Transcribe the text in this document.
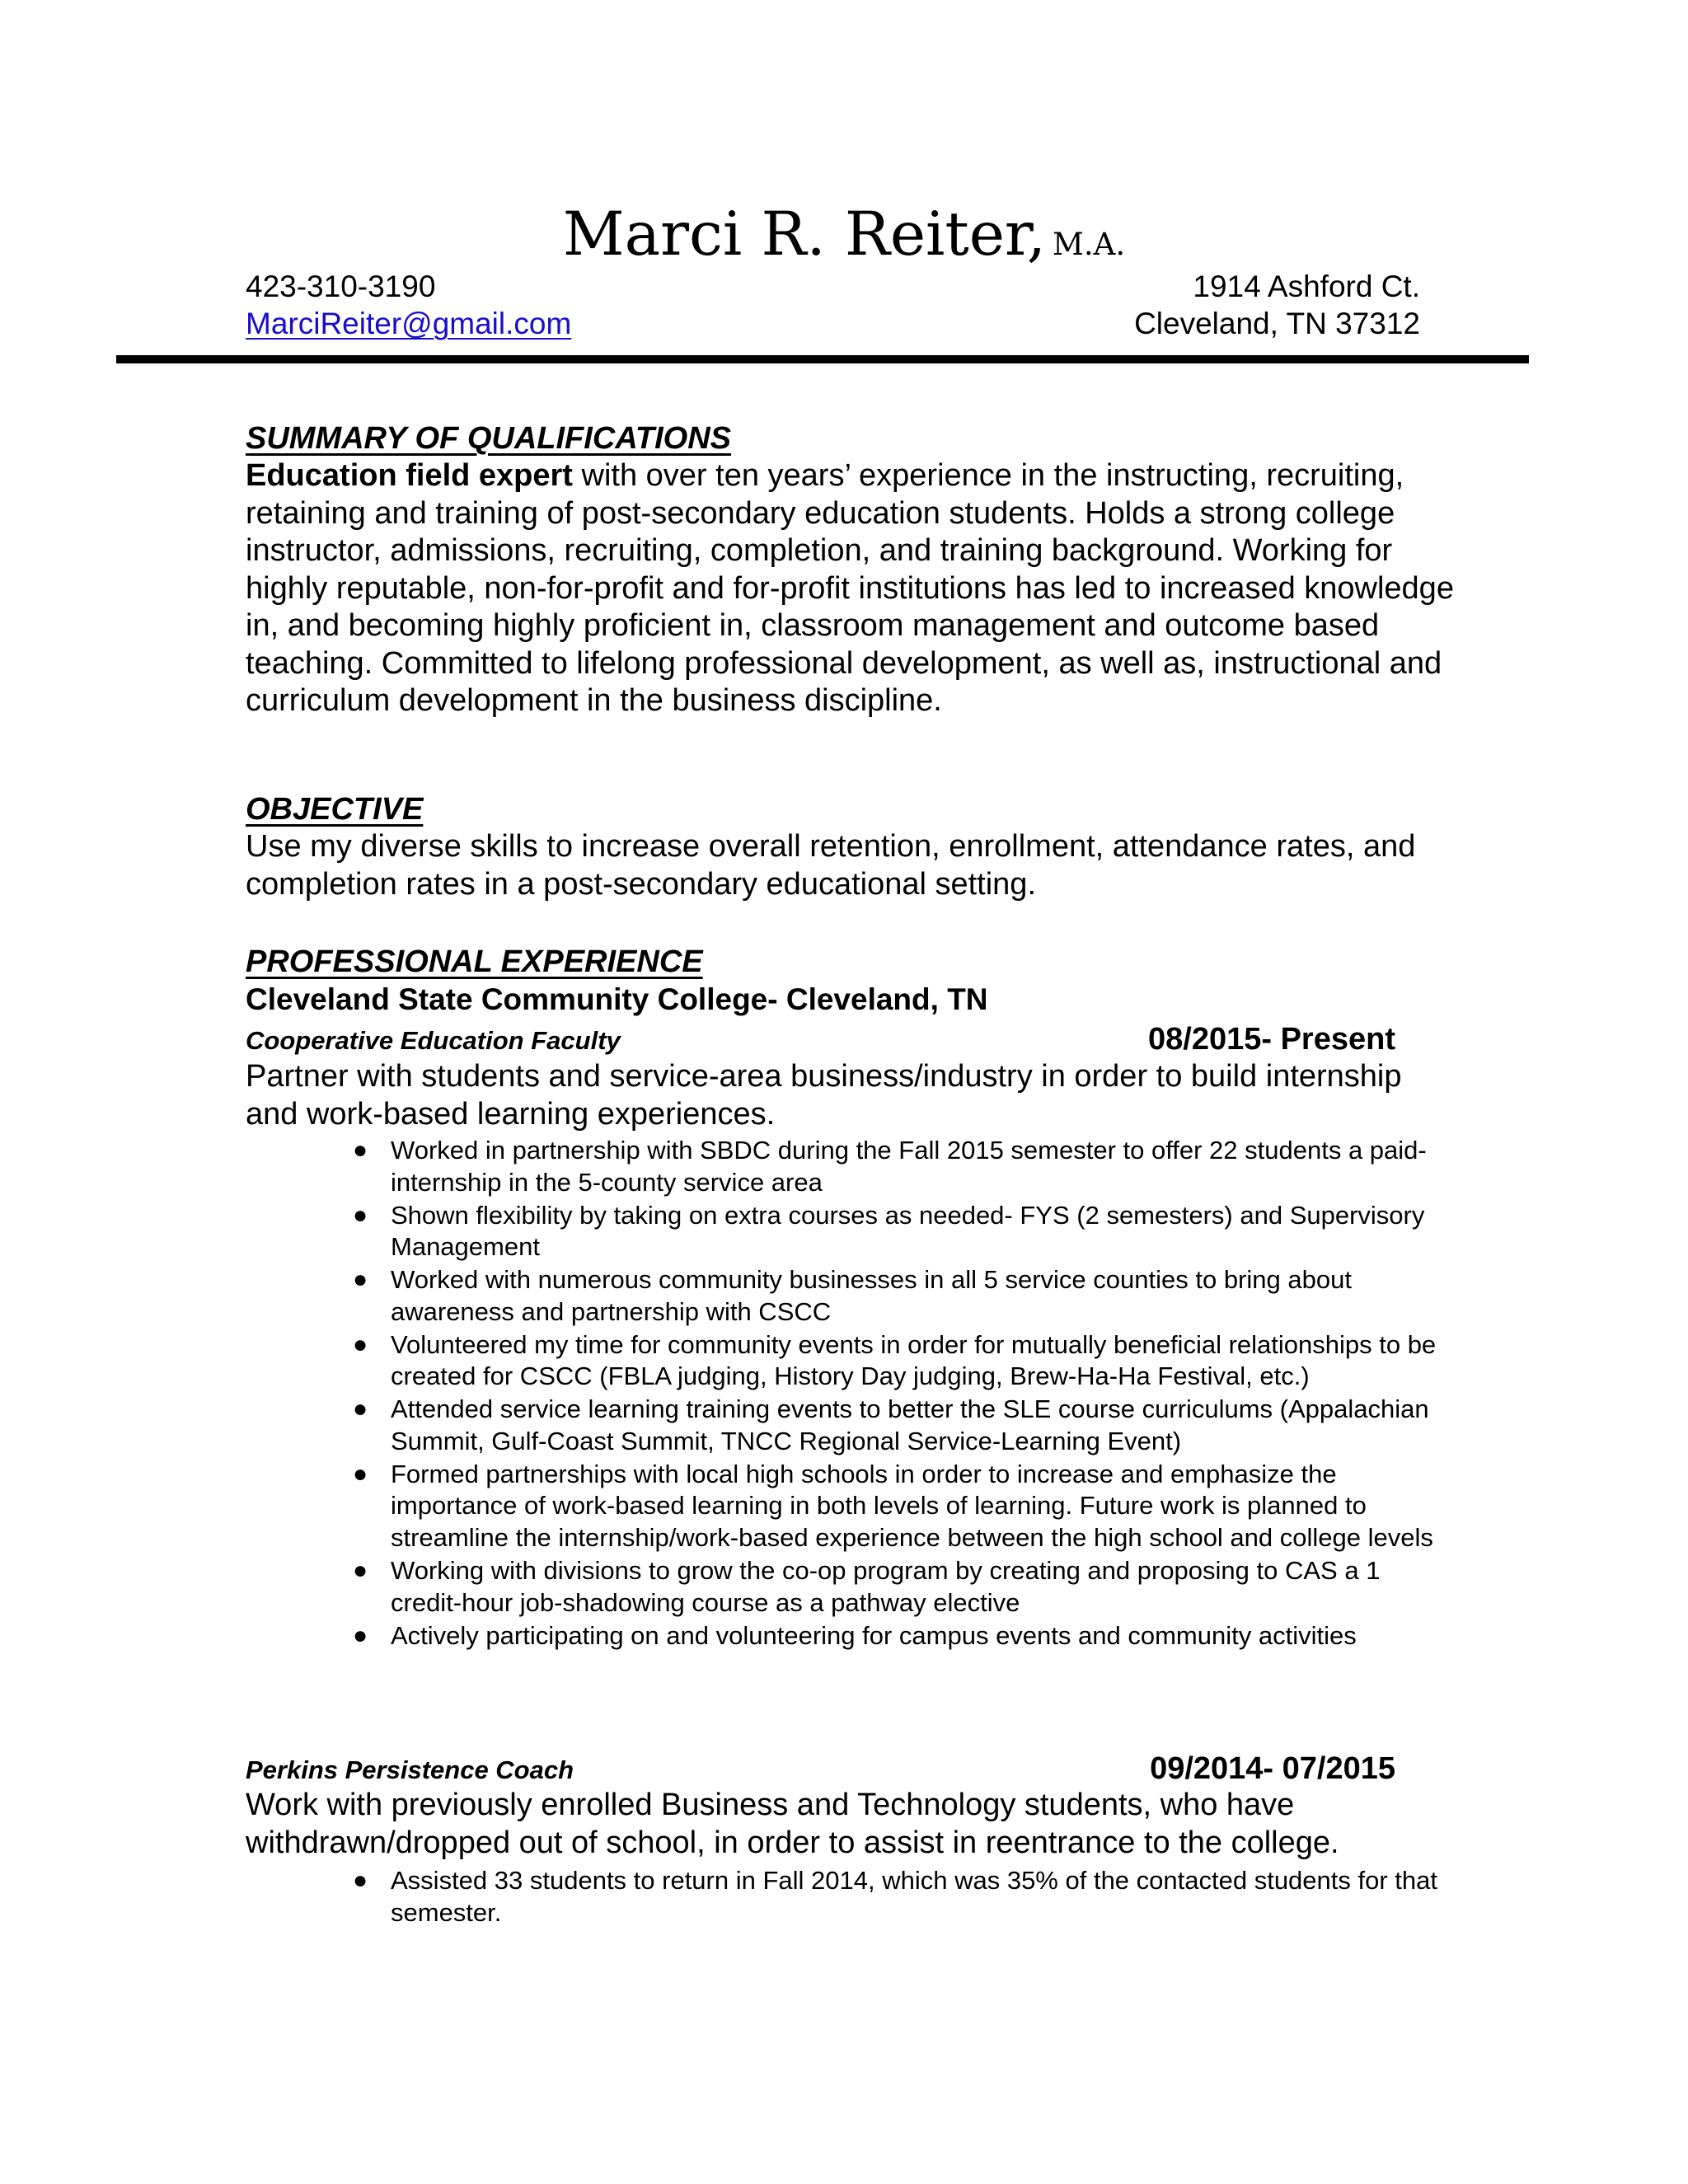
Marci R. Reiter, M.A.
423-310-3190
MarciReiter@gmail.com
1914 Ashford Ct.
Cleveland, TN 37312
SUMMARY OF QUALIFICATIONS
Education field expert with over ten years’ experience in the instructing, recruiting, retaining and training of post-secondary education students. Holds a strong college instructor, admissions, recruiting, completion, and training background. Working for highly reputable, non-for-profit and for-profit institutions has led to increased knowledge in, and becoming highly proficient in, classroom management and outcome based teaching. Committed to lifelong professional development, as well as, instructional and curriculum development in the business discipline.
OBJECTIVE
Use my diverse skills to increase overall retention, enrollment, attendance rates, and completion rates in a post-secondary educational setting.
PROFESSIONAL EXPERIENCE
Cleveland State Community College- Cleveland, TN
Cooperative Education Faculty	08/2015- Present
Partner with students and service-area business/industry in order to build internship and work-based learning experiences.
● Worked in partnership with SBDC during the Fall 2015 semester to offer 22 students a paid-internship in the 5-county service area
● Shown flexibility by taking on extra courses as needed- FYS (2 semesters) and Supervisory Management
● Worked with numerous community businesses in all 5 service counties to bring about awareness and partnership with CSCC
● Volunteered my time for community events in order for mutually beneficial relationships to be created for CSCC (FBLA judging, History Day judging, Brew-Ha-Ha Festival, etc.)
● Attended service learning training events to better the SLE course curriculums (Appalachian Summit, Gulf-Coast Summit, TNCC Regional Service-Learning Event)
● Formed partnerships with local high schools in order to increase and emphasize the importance of work-based learning in both levels of learning. Future work is planned to streamline the internship/work-based experience between the high school and college levels
● Working with divisions to grow the co-op program by creating and proposing to CAS a 1 credit-hour job-shadowing course as a pathway elective
● Actively participating on and volunteering for campus events and community activities
Perkins Persistence Coach	09/2014- 07/2015
Work with previously enrolled Business and Technology students, who have withdrawn/dropped out of school, in order to assist in reentrance to the college.
● Assisted 33 students to return in Fall 2014, which was 35% of the contacted students for that semester.
